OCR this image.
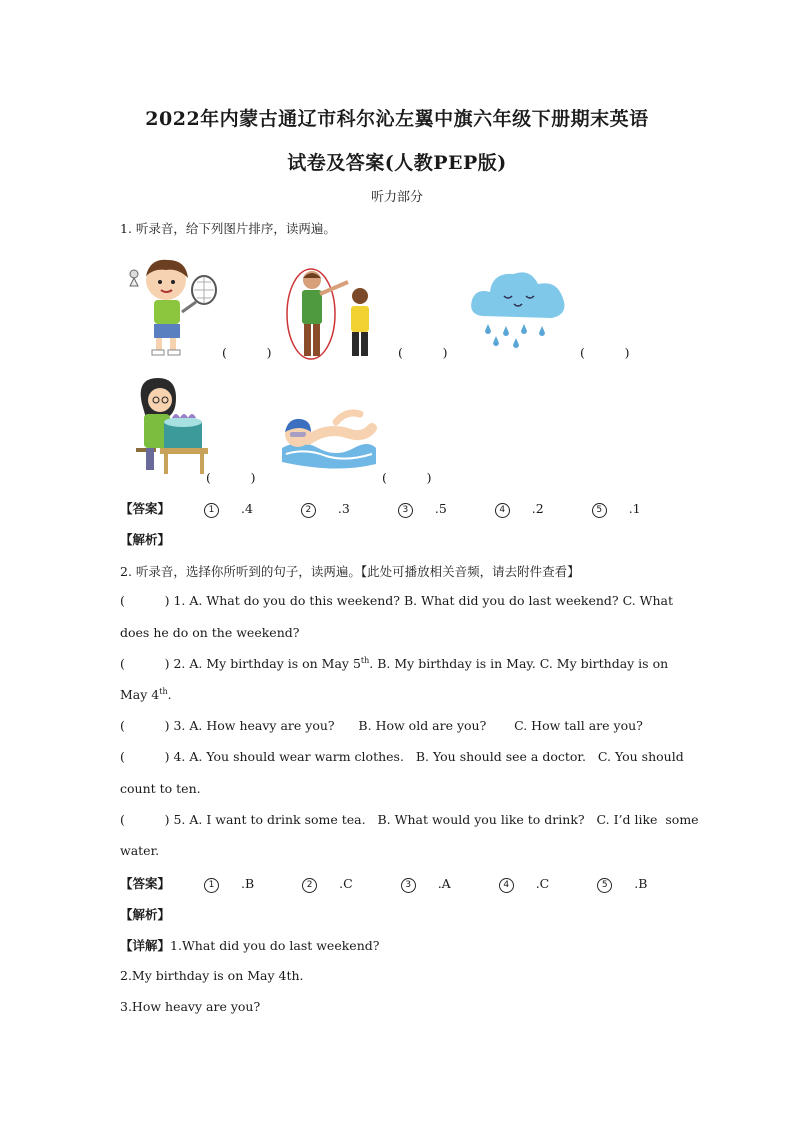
2022年内蒙古通辽市科尔沁左翼中旗六年级下册期末英语
试卷及答案(人教PEP版)
听力部分
1. 听录音，给下列图片排序，读两遍。
(          )	(          )	(          )
(          )	(          )
【答案】	1 .4	2 .3	3 .5	4 .2	5 .1
【解析】
2. 听录音，选择你所听到的句子，读两遍。【此处可播放相关音频，请去附件查看】
(          ) 1. A. What do you do this weekend? B. What did you do last weekend? C. What
does he do on the weekend?
(          ) 2. A. My birthday is on May 5th. B. My birthday is in May. C. My birthday is on
May 4th.
(          ) 3. A. How heavy are you?      B. How old are you?       C. How tall are you?
(          ) 4. A. You should wear warm clothes.   B. You should see a doctor.   C. You should
count to ten.
(          ) 5. A. I want to drink some tea.   B. What would you like to drink?   C. I’d like  some
water.
【答案】	1 .B	2 .C	3 .A	4 .C	5 .B
【解析】
【详解】1.What did you do last weekend?
2.My birthday is on May 4th.
3.How heavy are you?
